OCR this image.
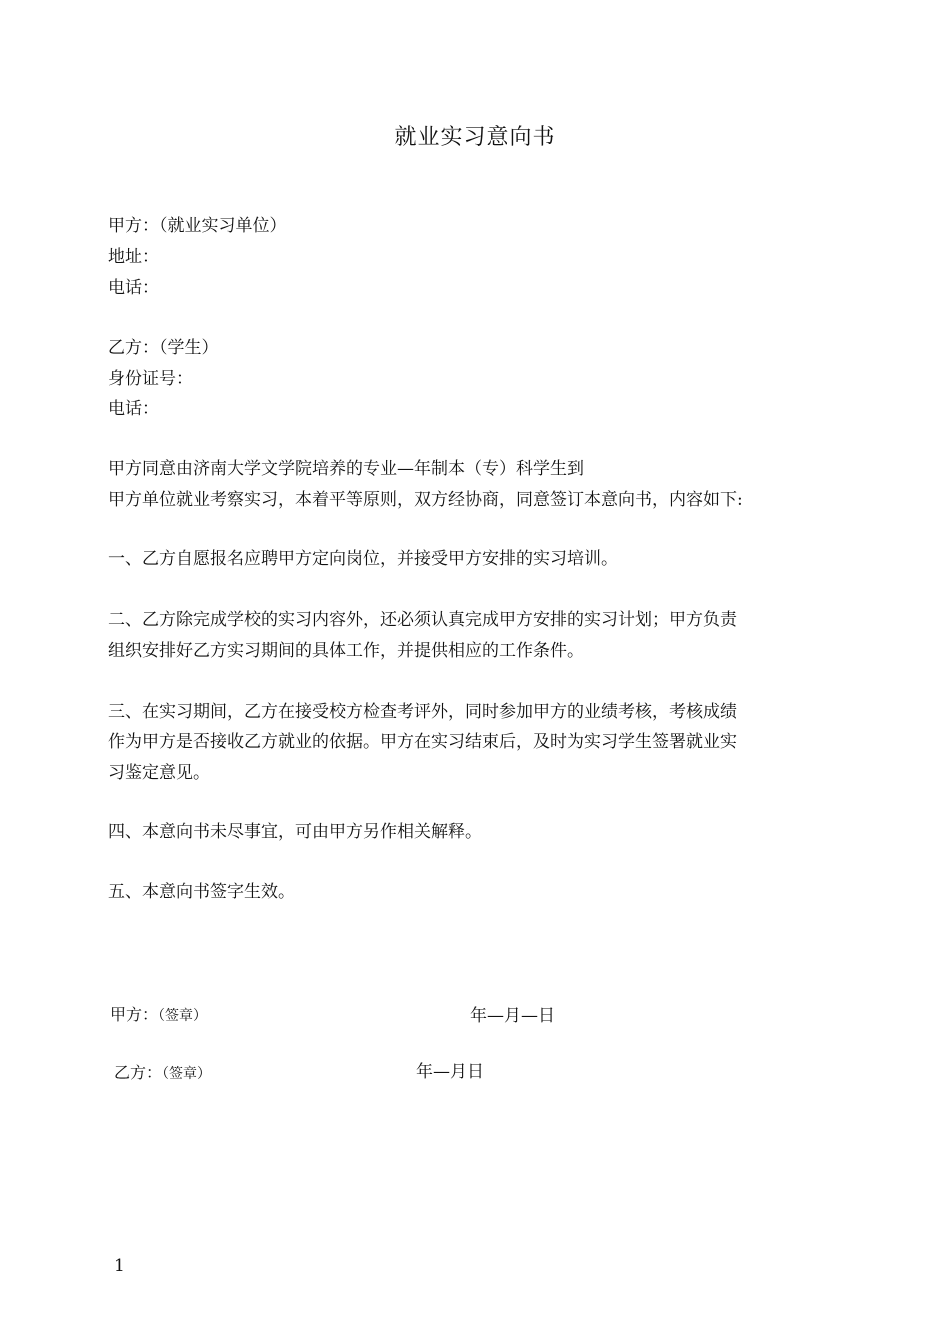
就业实习意向书
甲方：（就业实习单位）
地址：
电话：
乙方：（学生）
身份证号：
电话：
甲方同意由济南大学文学院培养的专业—年制本（专）科学生到
甲方单位就业考察实习，本着平等原则，双方经协商，同意签订本意向书，内容如下:
一、乙方自愿报名应聘甲方定向岗位，并接受甲方安排的实习培训。
二、乙方除完成学校的实习内容外，还必须认真完成甲方安排的实习计划；甲方负责
组织安排好乙方实习期间的具体工作，并提供相应的工作条件。
三、在实习期间，乙方在接受校方检查考评外，同时参加甲方的业绩考核，考核成绩
作为甲方是否接收乙方就业的依据。甲方在实习结束后，及时为实习学生签署就业实
习鉴定意见。
四、本意向书未尽事宜，可由甲方另作相关解释。
五、本意向书签字生效。
甲方：（签章）	年—月—日
乙方：（签章）	年—月日
1
